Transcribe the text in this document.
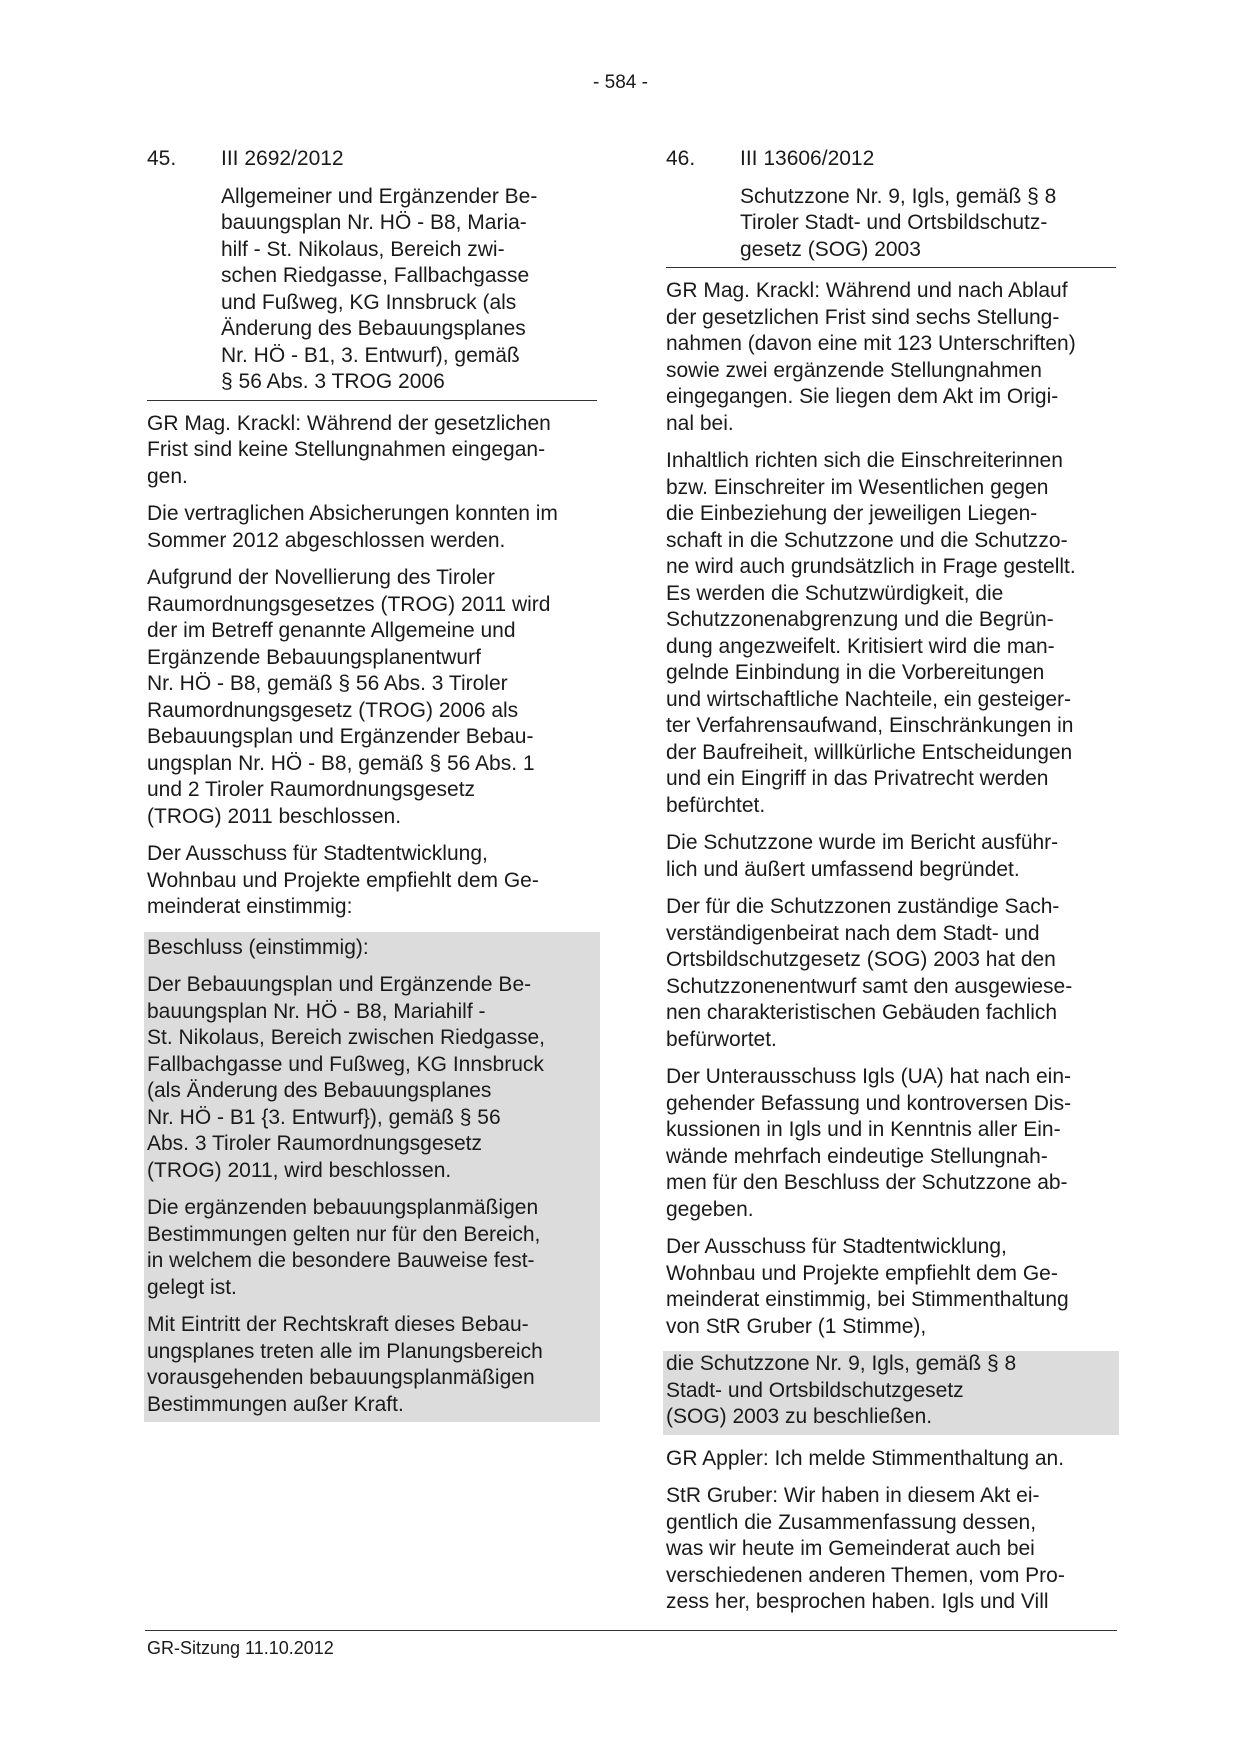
- 584 -
45.	III 2692/2012
Allgemeiner und Ergänzender Be-
bauungsplan Nr. HÖ - B8, Maria-
hilf - St. Nikolaus, Bereich zwi-
schen Riedgasse, Fallbachgasse
und Fußweg, KG Innsbruck (als
Änderung des Bebauungsplanes
Nr. HÖ - B1, 3. Entwurf), gemäß
§ 56 Abs. 3 TROG 2006

GR Mag. Krackl: Während der gesetzlichen
Frist sind keine Stellungnahmen eingegan-
gen.

Die vertraglichen Absicherungen konnten im
Sommer 2012 abgeschlossen werden.

Aufgrund der Novellierung des Tiroler
Raumordnungsgesetzes (TROG) 2011 wird
der im Betreff genannte Allgemeine und
Ergänzende Bebauungsplanentwurf
Nr. HÖ - B8, gemäß § 56 Abs. 3 Tiroler
Raumordnungsgesetz (TROG) 2006 als
Bebauungsplan und Ergänzender Bebau-
ungsplan Nr. HÖ - B8, gemäß § 56 Abs. 1
und 2 Tiroler Raumordnungsgesetz
(TROG) 2011 beschlossen.

Der Ausschuss für Stadtentwicklung,
Wohnbau und Projekte empfiehlt dem Ge-
meinderat einstimmig:

Beschluss (einstimmig):

Der Bebauungsplan und Ergänzende Be-
bauungsplan Nr. HÖ - B8, Mariahilf -
St. Nikolaus, Bereich zwischen Riedgasse,
Fallbachgasse und Fußweg, KG Innsbruck
(als Änderung des Bebauungsplanes
Nr. HÖ - B1 {3. Entwurf}), gemäß § 56
Abs. 3 Tiroler Raumordnungsgesetz
(TROG) 2011, wird beschlossen.

Die ergänzenden bebauungsplanmäßigen
Bestimmungen gelten nur für den Bereich,
in welchem die besondere Bauweise fest-
gelegt ist.

Mit Eintritt der Rechtskraft dieses Bebau-
ungsplanes treten alle im Planungsbereich
vorausgehenden bebauungsplanmäßigen
Bestimmungen außer Kraft.

46.	III 13606/2012
Schutzzone Nr. 9, Igls, gemäß § 8
Tiroler Stadt- und Ortsbildschutz-
gesetz (SOG) 2003

GR Mag. Krackl: Während und nach Ablauf
der gesetzlichen Frist sind sechs Stellung-
nahmen (davon eine mit 123 Unterschriften)
sowie zwei ergänzende Stellungnahmen
eingegangen. Sie liegen dem Akt im Origi-
nal bei.

Inhaltlich richten sich die Einschreiterinnen
bzw. Einschreiter im Wesentlichen gegen
die Einbeziehung der jeweiligen Liegen-
schaft in die Schutzzone und die Schutzzo-
ne wird auch grundsätzlich in Frage gestellt.
Es werden die Schutzwürdigkeit, die
Schutzzonenabgrenzung und die Begrün-
dung angezweifelt. Kritisiert wird die man-
gelnde Einbindung in die Vorbereitungen
und wirtschaftliche Nachteile, ein gesteiger-
ter Verfahrensaufwand, Einschränkungen in
der Baufreiheit, willkürliche Entscheidungen
und ein Eingriff in das Privatrecht werden
befürchtet.

Die Schutzzone wurde im Bericht ausführ-
lich und äußert umfassend begründet.

Der für die Schutzzonen zuständige Sach-
verständigenbeirat nach dem Stadt- und
Ortsbildschutzgesetz (SOG) 2003 hat den
Schutzzonenentwurf samt den ausgewiese-
nen charakteristischen Gebäuden fachlich
befürwortet.

Der Unterausschuss Igls (UA) hat nach ein-
gehender Befassung und kontroversen Dis-
kussionen in Igls und in Kenntnis aller Ein-
wände mehrfach eindeutige Stellungnah-
men für den Beschluss der Schutzzone ab-
gegeben.

Der Ausschuss für Stadtentwicklung,
Wohnbau und Projekte empfiehlt dem Ge-
meinderat einstimmig, bei Stimmenthaltung
von StR Gruber (1 Stimme),

die Schutzzone Nr. 9, Igls, gemäß § 8
Stadt- und Ortsbildschutzgesetz
(SOG) 2003 zu beschließen.

GR Appler: Ich melde Stimmenthaltung an.

StR Gruber: Wir haben in diesem Akt ei-
gentlich die Zusammenfassung dessen,
was wir heute im Gemeinderat auch bei
verschiedenen anderen Themen, vom Pro-
zess her, besprochen haben. Igls und Vill

GR-Sitzung 11.10.2012
